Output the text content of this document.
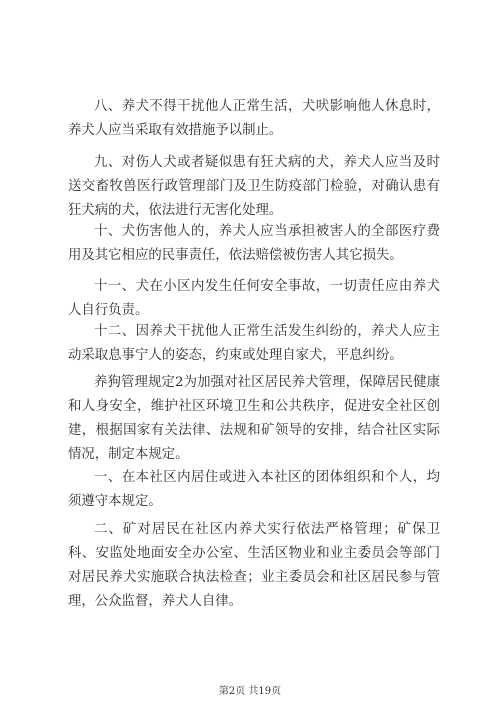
八、养犬不得干扰他人正常生活，犬吠影响他人休息时，养犬人应当采取有效措施予以制止。

九、对伤人犬或者疑似患有狂犬病的犬，养犬人应当及时送交畜牧兽医行政管理部门及卫生防疫部门检验，对确认患有狂犬病的犬，依法进行无害化处理。

十、犬伤害他人的，养犬人应当承担被害人的全部医疗费用及其它相应的民事责任，依法赔偿被伤害人其它损失。

十一、犬在小区内发生任何安全事故，一切责任应由养犬人自行负责。

十二、因养犬干扰他人正常生活发生纠纷的，养犬人应主动采取息事宁人的姿态，约束或处理自家犬，平息纠纷。

养狗管理规定2为加强对社区居民养犬管理，保障居民健康和人身安全，维护社区环境卫生和公共秩序，促进安全社区创建，根据国家有关法律、法规和矿领导的安排，结合社区实际情况，制定本规定。

一、在本社区内居住或进入本社区的团体组织和个人，均须遵守本规定。

二、矿对居民在社区内养犬实行依法严格管理；矿保卫科、安监处地面安全办公室、生活区物业和业主委员会等部门对居民养犬实施联合执法检查；业主委员会和社区居民参与管理，公众监督，养犬人自律。

第2页 共19页
